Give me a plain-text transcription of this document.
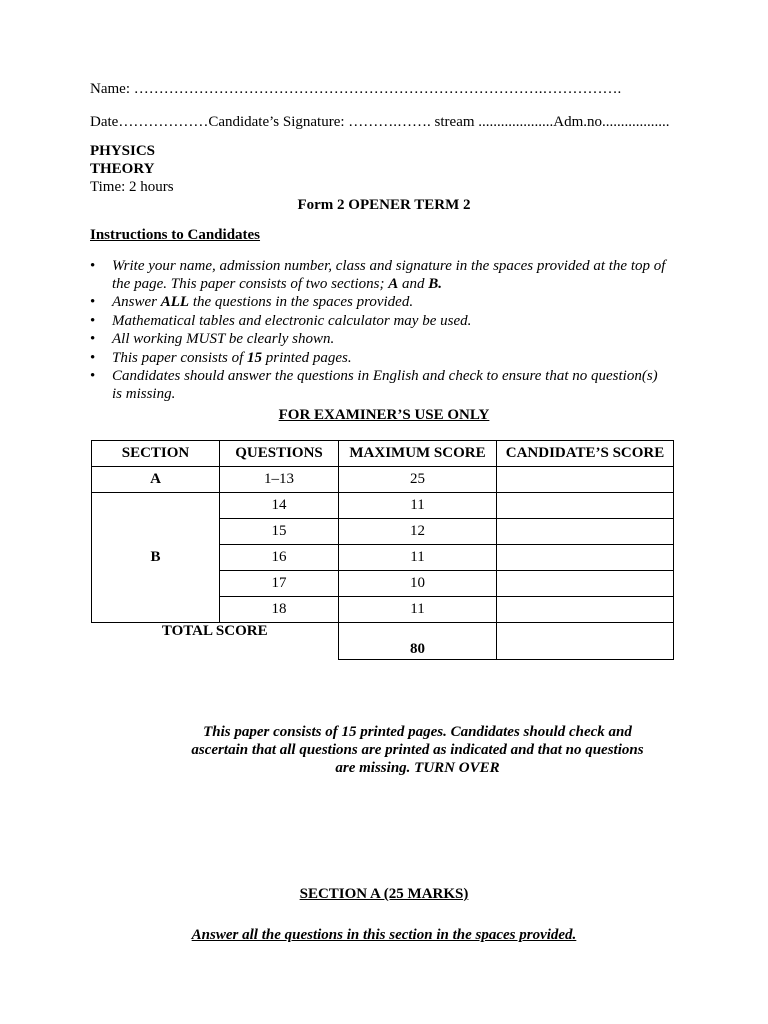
Name: ……………………………………………………………………….…………….
Date………………Candidate’s Signature: ……….……. stream ....................Adm.no..................
PHYSICS
THEORY
Time: 2 hours
Form 2 OPENER TERM 2
Instructions to Candidates
• Write your name, admission number, class and signature in the spaces provided at the top of the page. This paper consists of two sections; A and B.
• Answer ALL the questions in the spaces provided.
• Mathematical tables and electronic calculator may be used.
• All working MUST be clearly shown.
• This paper consists of 15 printed pages.
• Candidates should answer the questions in English and check to ensure that no question(s) is missing.
FOR EXAMINER’S USE ONLY
SECTION	QUESTIONS	MAXIMUM SCORE	CANDIDATE’S SCORE
A	1–13	25	
B	14	11	
	15	12	
	16	11	
	17	10	
	18	11	
TOTAL SCORE		80	
This paper consists of 15 printed pages. Candidates should check and ascertain that all questions are printed as indicated and that no questions are missing. TURN OVER
SECTION A (25 MARKS)
Answer all the questions in this section in the spaces provided.
